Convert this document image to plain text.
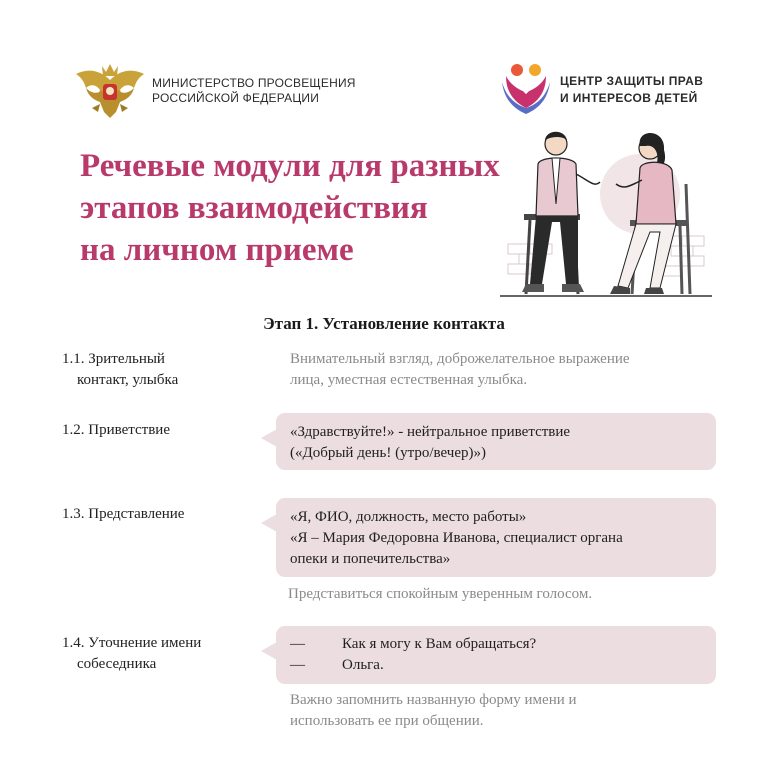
МИНИСТЕРСТВО ПРОСВЕЩЕНИЯ
РОССИЙСКОЙ ФЕДЕРАЦИИ
ЦЕНТР ЗАЩИТЫ ПРАВ
И ИНТЕРЕСОВ ДЕТЕЙ
Речевые модули для разных
этапов взаимодействия
на личном приеме
Этап 1. Установление контакта
1.1. Зрительный
контакт, улыбка
Внимательный взгляд, доброжелательное выражение
лица, уместная естественная улыбка.
1.2. Приветствие	«Здравствуйте!» - нейтральное приветствие
(«Добрый день! (утро/вечер)»)
1.3. Представление	«Я, ФИО, должность, место работы»
«Я – Мария Федоровна Иванова, специалист органа
опеки и попечительства»
Представиться спокойным уверенным голосом.
1.4. Уточнение имени
собеседника
— Как я могу к Вам обращаться?
— Ольга.
Важно запомнить названную форму имени и
использовать ее при общении.
